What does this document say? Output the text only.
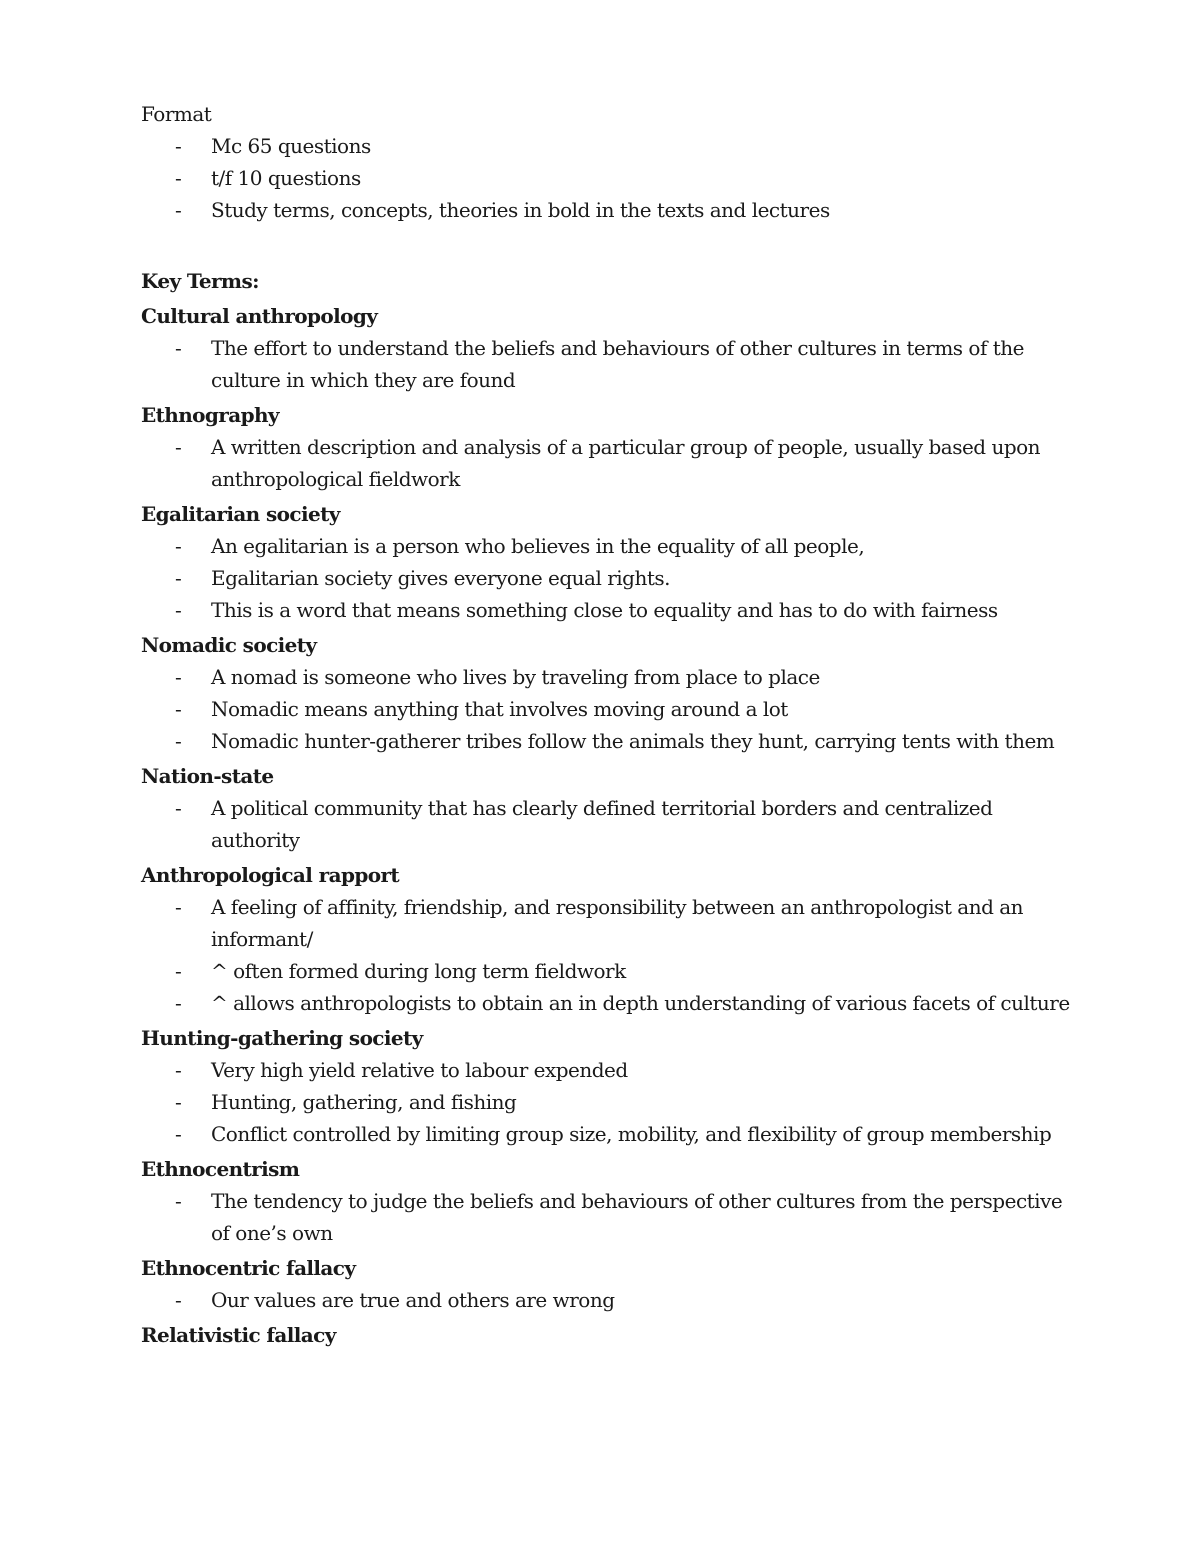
Format

- Mc 65 questions
- t/f 10 questions
- Study terms, concepts, theories in bold in the texts and lectures

Key Terms:

Cultural anthropology

- The effort to understand the beliefs and behaviours of other cultures in terms of the culture in which they are found

Ethnography

- A written description and analysis of a particular group of people, usually based upon anthropological fieldwork

Egalitarian society

- An egalitarian is a person who believes in the equality of all people,
- Egalitarian society gives everyone equal rights.
- This is a word that means something close to equality and has to do with fairness

Nomadic society

- A nomad is someone who lives by traveling from place to place
- Nomadic means anything that involves moving around a lot
- Nomadic hunter-gatherer tribes follow the animals they hunt, carrying tents with them

Nation-state

- A political community that has clearly defined territorial borders and centralized authority

Anthropological rapport

- A feeling of affinity, friendship, and responsibility between an anthropologist and an informant/
- ^ often formed during long term fieldwork
- ^ allows anthropologists to obtain an in depth understanding of various facets of culture

Hunting-gathering society

- Very high yield relative to labour expended
- Hunting, gathering, and fishing
- Conflict controlled by limiting group size, mobility, and flexibility of group membership

Ethnocentrism

- The tendency to judge the beliefs and behaviours of other cultures from the perspective of one’s own

Ethnocentric fallacy

- Our values are true and others are wrong

Relativistic fallacy
